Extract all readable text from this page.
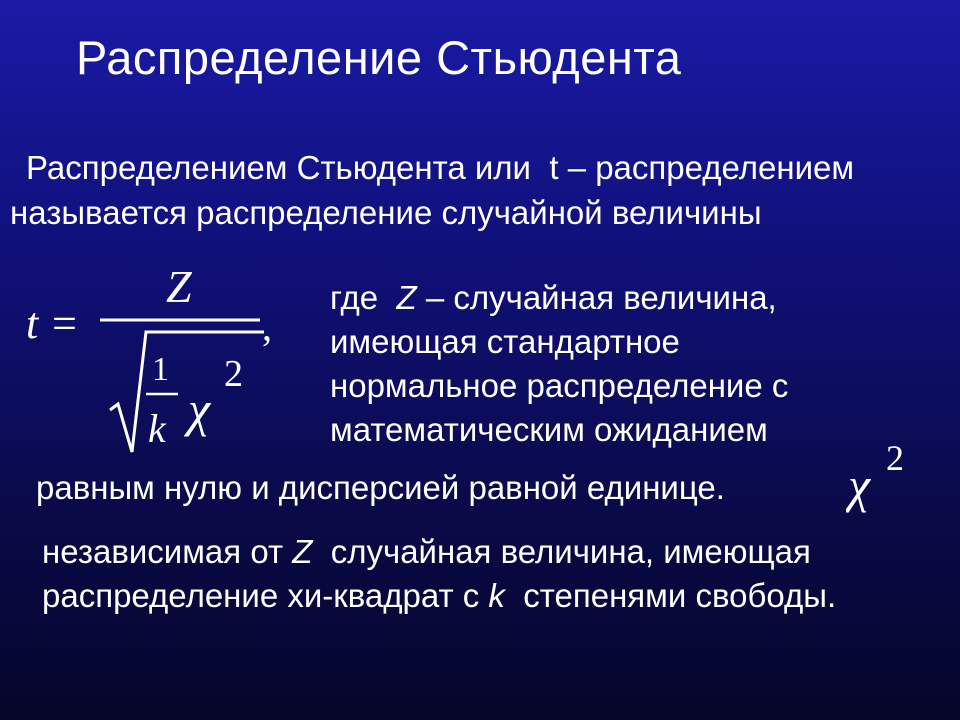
Распределение Стьюдента
Распределением Стьюдента или t – распределением
называется распределение случайной величины
t =
Z
,
1
k χ
2
где Z – случайная величина,
имеющая стандартное
нормальное распределение с
математическим ожиданием
равным нулю и дисперсией равной единице. χ 2
независимая от Z случайная величина, имеющая
распределение хи-квадрат с k степенями свободы.
